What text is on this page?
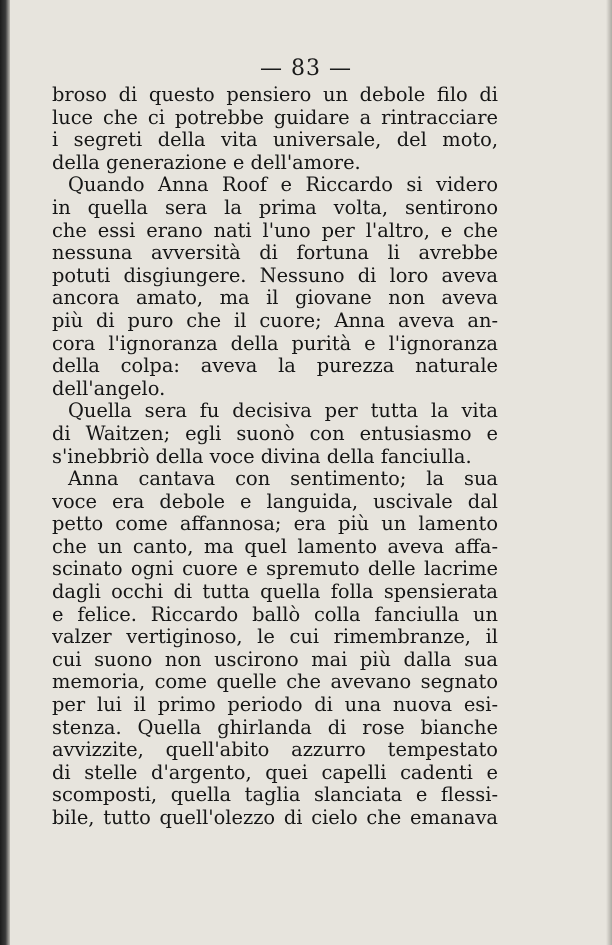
— 83 —
broso di questo pensiero un debole filo di
luce che ci potrebbe guidare a rintracciare
i segreti della vita universale, del moto,
della generazione e dell'amore.
Quando Anna Roof e Riccardo si videro
in quella sera la prima volta, sentirono
che essi erano nati l'uno per l'altro, e che
nessuna avversità di fortuna li avrebbe
potuti disgiungere. Nessuno di loro aveva
ancora amato, ma il giovane non aveva
più di puro che il cuore; Anna aveva an-
cora l'ignoranza della purità e l'ignoranza
della colpa: aveva la purezza naturale
dell'angelo.
Quella sera fu decisiva per tutta la vita
di Waitzen; egli suonò con entusiasmo e
s'inebbriò della voce divina della fanciulla.
Anna cantava con sentimento; la sua
voce era debole e languida, uscivale dal
petto come affannosa; era più un lamento
che un canto, ma quel lamento aveva affa-
scinato ogni cuore e spremuto delle lacrime
dagli occhi di tutta quella folla spensierata
e felice. Riccardo ballò colla fanciulla un
valzer vertiginoso, le cui rimembranze, il
cui suono non uscirono mai più dalla sua
memoria, come quelle che avevano segnato
per lui il primo periodo di una nuova esi-
stenza. Quella ghirlanda di rose bianche
avvizzite, quell'abito azzurro tempestato
di stelle d'argento, quei capelli cadenti e
scomposti, quella taglia slanciata e flessi-
bile, tutto quell'olezzo di cielo che emanava
